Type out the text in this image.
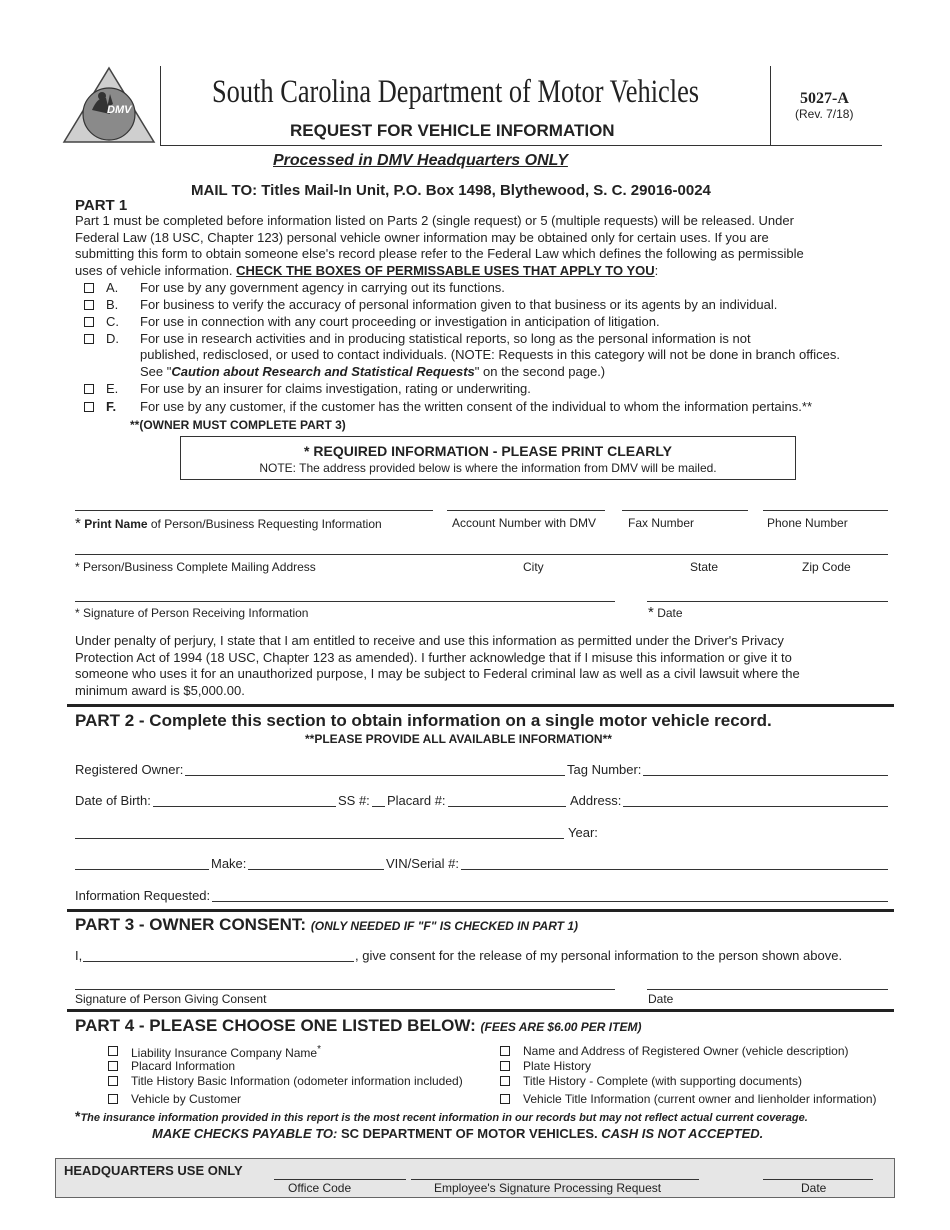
DMV South Carolina Department of Motor Vehicles
REQUEST FOR VEHICLE INFORMATION
5027-A
(Rev. 7/18)
Processed in DMV Headquarters ONLY
MAIL TO: Titles Mail-In Unit, P.O. Box 1498, Blythewood, S. C. 29016-0024
PART 1
Part 1 must be completed before information listed on Parts 2 (single request) or 5 (multiple requests) will be released. Under
Federal Law (18 USC, Chapter 123) personal vehicle owner information may be obtained only for certain uses. If you are
submitting this form to obtain someone else's record please refer to the Federal Law which defines the following as permissible
uses of vehicle information. CHECK THE BOXES OF PERMISSABLE USES THAT APPLY TO YOU:
A. For use by any government agency in carrying out its functions.
B. For business to verify the accuracy of personal information given to that business or its agents by an individual.
C. For use in connection with any court proceeding or investigation in anticipation of litigation.
D. For use in research activities and in producing statistical reports, so long as the personal information is not
published, redisclosed, or used to contact individuals. (NOTE: Requests in this category will not be done in branch offices.
See "Caution about Research and Statistical Requests" on the second page.)
E. For use by an insurer for claims investigation, rating or underwriting.
F. For use by any customer, if the customer has the written consent of the individual to whom the information pertains.**
**(OWNER MUST COMPLETE PART 3)
* REQUIRED INFORMATION - PLEASE PRINT CLEARLY
NOTE: The address provided below is where the information from DMV will be mailed.
* Print Name of Person/Business Requesting Information	Account Number with DMV	Fax Number	Phone Number
* Person/Business Complete Mailing Address	City	State	Zip Code
* Signature of Person Receiving Information	* Date
Under penalty of perjury, I state that I am entitled to receive and use this information as permitted under the Driver's Privacy
Protection Act of 1994 (18 USC, Chapter 123 as amended). I further acknowledge that if I misuse this information or give it to
someone who uses it for an unauthorized purpose, I may be subject to Federal criminal law as well as a civil lawsuit where the
minimum award is $5,000.00.
PART 2 - Complete this section to obtain information on a single motor vehicle record.
**PLEASE PROVIDE ALL AVAILABLE INFORMATION**
Registered Owner:	Tag Number:
Date of Birth:	SS #: Placard #:	Address:
Year:
Make:	VIN/Serial #:
Information Requested:
PART 3 - OWNER CONSENT: (ONLY NEEDED IF "F" IS CHECKED IN PART 1)
I,	, give consent for the release of my personal information to the person shown above.
Signature of Person Giving Consent	Date
PART 4 - PLEASE CHOOSE ONE LISTED BELOW: (FEES ARE $6.00 PER ITEM)
Liability Insurance Company Name*
Placard Information
Title History Basic Information (odometer information included)
Vehicle by Customer
Name and Address of Registered Owner (vehicle description)
Plate History
Title History - Complete (with supporting documents)
Vehicle Title Information (current owner and lienholder information)
*The insurance information provided in this report is the most recent information in our records but may not reflect actual current coverage.
MAKE CHECKS PAYABLE TO: SC DEPARTMENT OF MOTOR VEHICLES. CASH IS NOT ACCEPTED.
HEADQUARTERS USE ONLY
Office Code	Employee's Signature Processing Request	Date
